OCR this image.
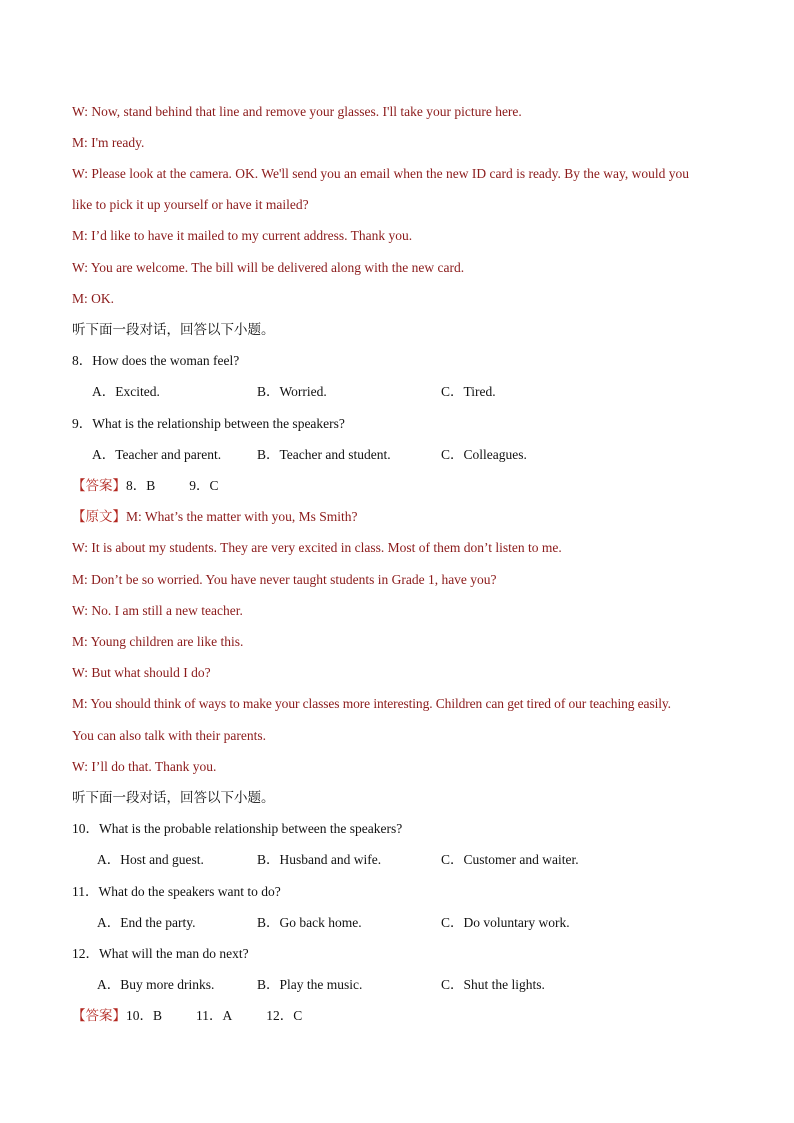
W: Now, stand behind that line and remove your glasses. I'll take your picture here.
M: I'm ready.
W: Please look at the camera. OK. We'll send you an email when the new ID card is ready. By the way, would you
like to pick it up yourself or have it mailed?
M: I’d like to have it mailed to my current address. Thank you.
W: You are welcome. The bill will be delivered along with the new card.
M: OK.
听下面一段对话，回答以下小题。
8．How does the woman feel?
A．Excited.	B．Worried.	C．Tired.
9．What is the relationship between the speakers?
A．Teacher and parent.	B．Teacher and student.	C．Colleagues.
【答案】8．B	9．C
【原文】M: What’s the matter with you, Ms Smith?
W: It is about my students. They are very excited in class. Most of them don’t listen to me.
M: Don’t be so worried. You have never taught students in Grade 1, have you?
W: No. I am still a new teacher.
M: Young children are like this.
W: But what should I do?
M: You should think of ways to make your classes more interesting. Children can get tired of our teaching easily.
You can also talk with their parents.
W: I’ll do that. Thank you.
听下面一段对话，回答以下小题。
10．What is the probable relationship between the speakers?
A．Host and guest.	B．Husband and wife.	C．Customer and waiter.
11．What do the speakers want to do?
A．End the party.	B．Go back home.	C．Do voluntary work.
12．What will the man do next?
A．Buy more drinks.	B．Play the music.	C．Shut the lights.
【答案】10．B	11．A	12．C
